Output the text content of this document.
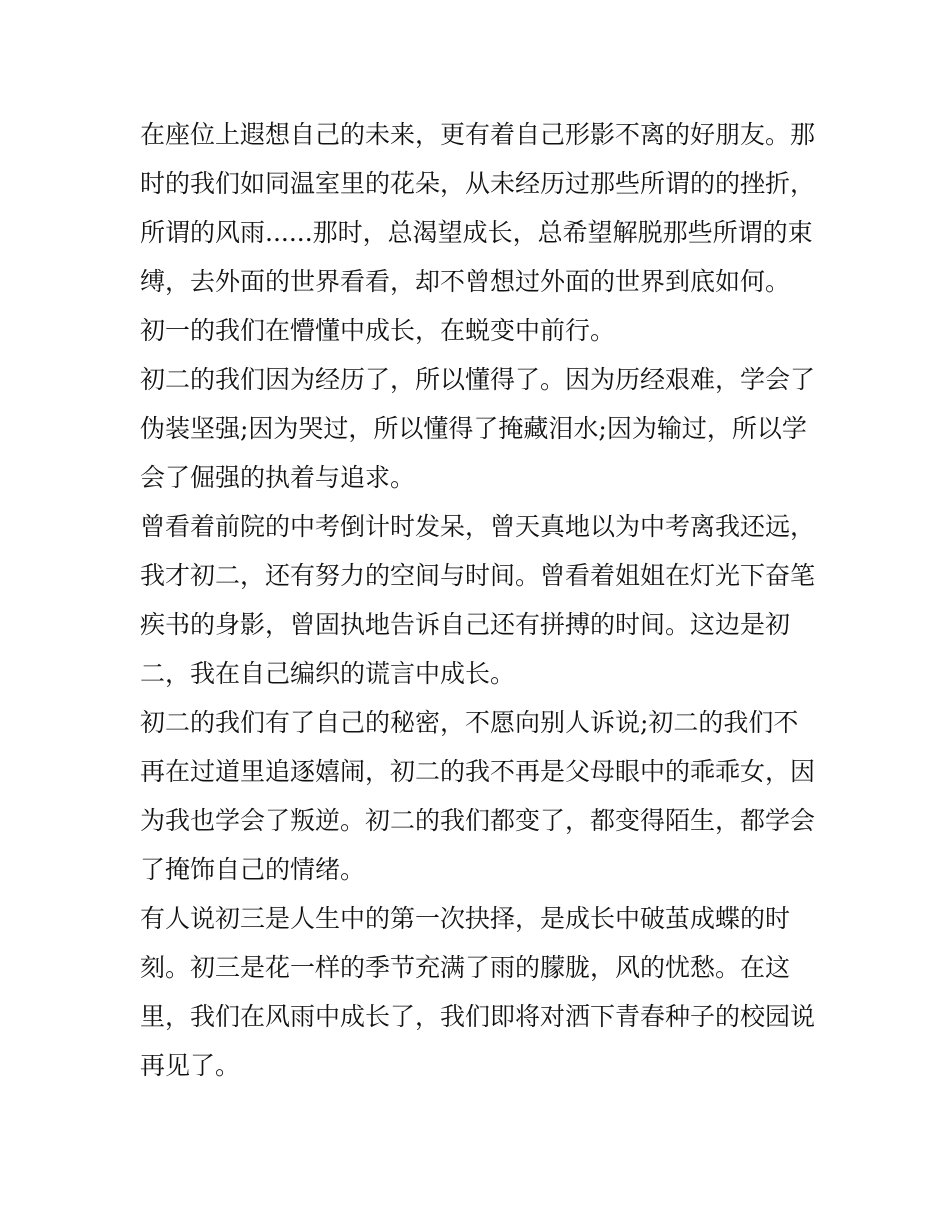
在座位上遐想自己的未来，更有着自己形影不离的好朋友。那
时的我们如同温室里的花朵，从未经历过那些所谓的的挫折，
所谓的风雨......那时，总渴望成长，总希望解脱那些所谓的束
缚，去外面的世界看看，却不曾想过外面的世界到底如何。
初一的我们在懵懂中成长，在蜕变中前行。
初二的我们因为经历了，所以懂得了。因为历经艰难，学会了
伪装坚强;因为哭过，所以懂得了掩藏泪水;因为输过，所以学
会了倔强的执着与追求。
曾看着前院的中考倒计时发呆，曾天真地以为中考离我还远，
我才初二，还有努力的空间与时间。曾看着姐姐在灯光下奋笔
疾书的身影，曾固执地告诉自己还有拼搏的时间。这边是初
二，我在自己编织的谎言中成长。
初二的我们有了自己的秘密，不愿向别人诉说;初二的我们不
再在过道里追逐嬉闹，初二的我不再是父母眼中的乖乖女，因
为我也学会了叛逆。初二的我们都变了，都变得陌生，都学会
了掩饰自己的情绪。
有人说初三是人生中的第一次抉择，是成长中破茧成蝶的时
刻。初三是花一样的季节充满了雨的朦胧，风的忧愁。在这
里，我们在风雨中成长了，我们即将对洒下青春种子的校园说
再见了。
